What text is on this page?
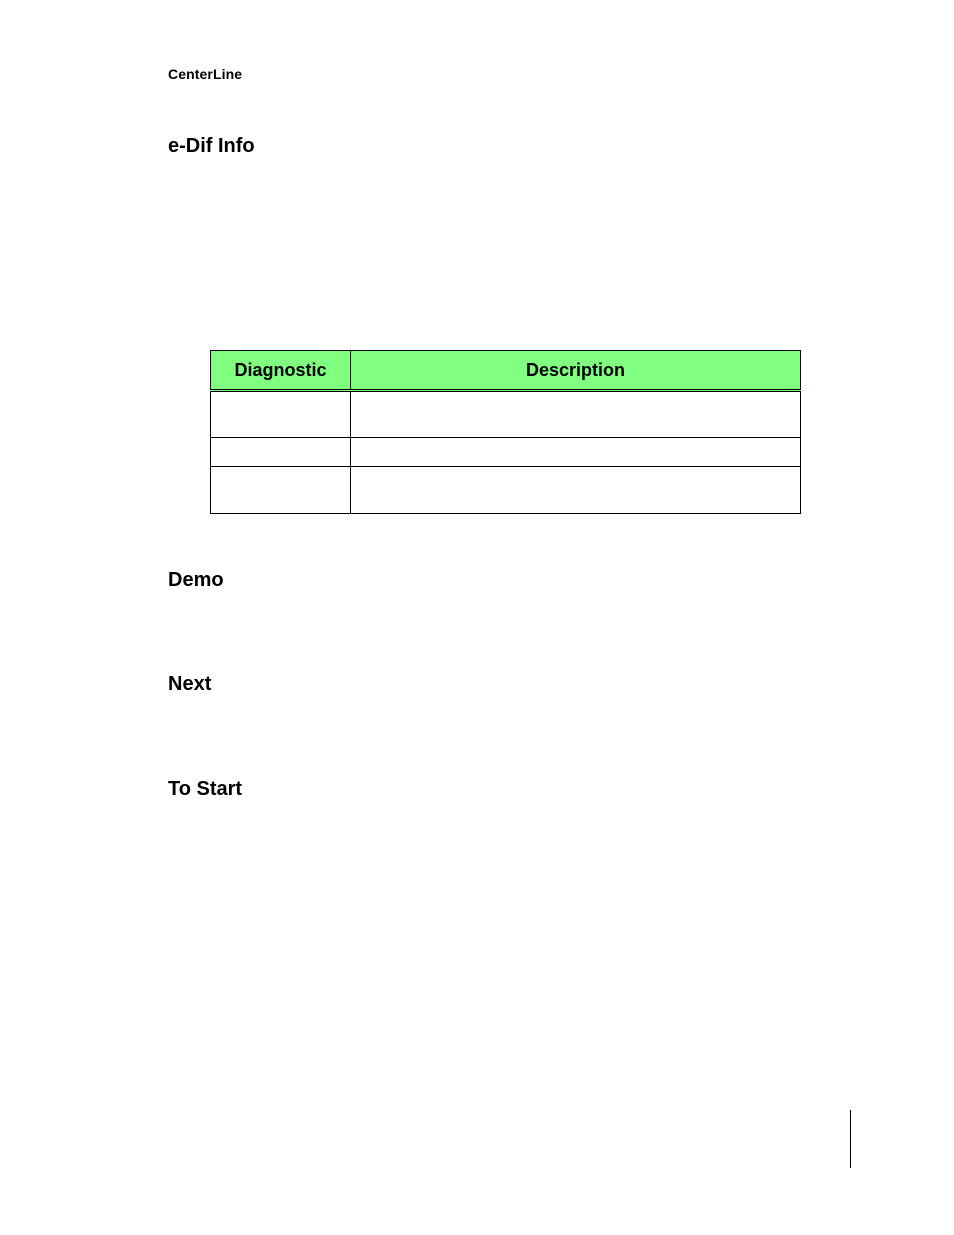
CenterLine
e-Dif Info
Diagnostic	Description

Demo
Next
To Start
